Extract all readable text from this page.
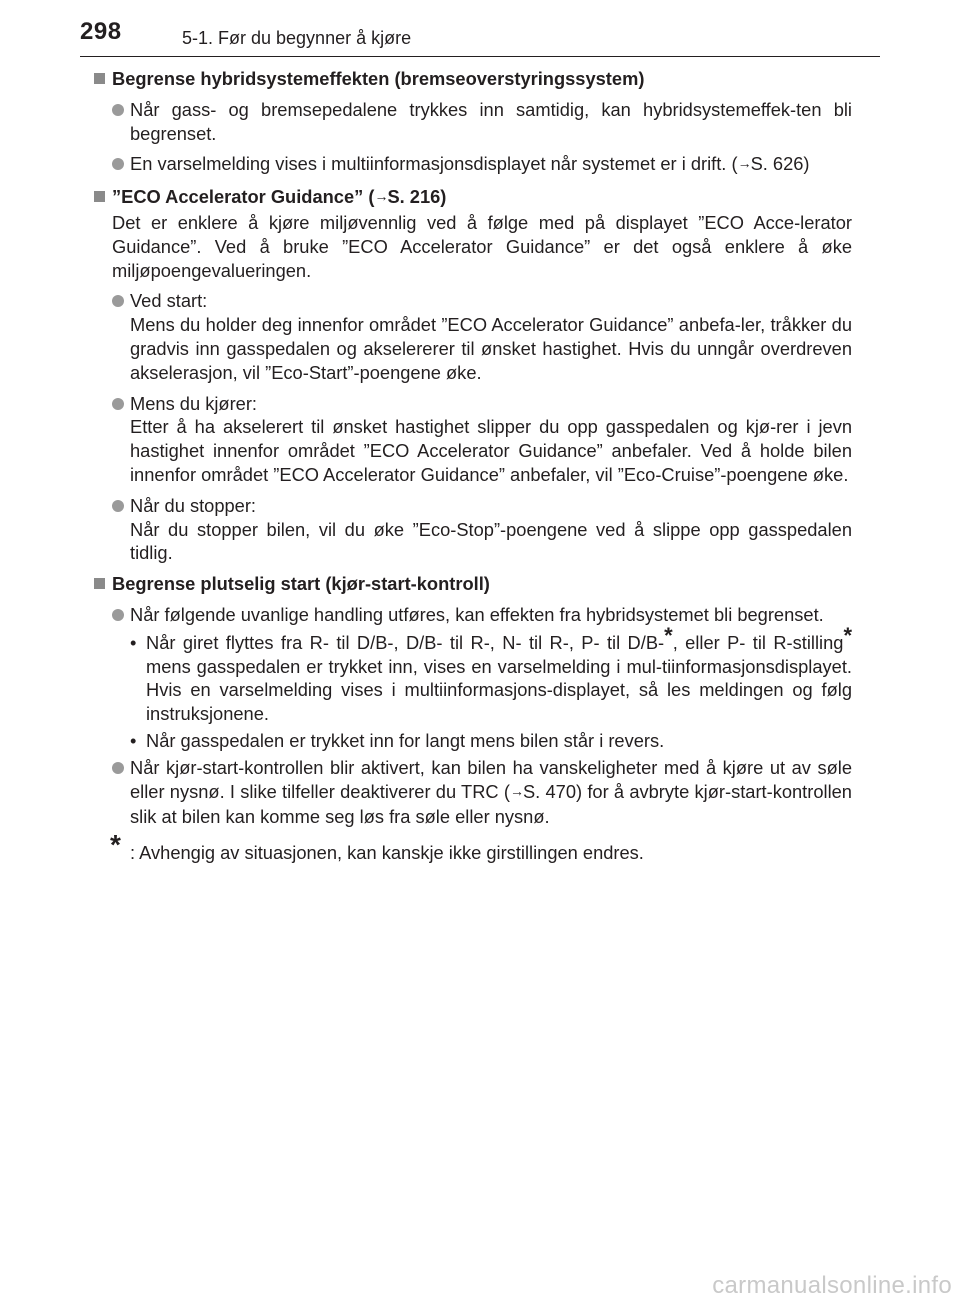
298	5-1. Før du begynner å kjøre
Begrense hybridsystemeffekten (bremseoverstyringssystem)
Når gass- og bremsepedalene trykkes inn samtidig, kan hybridsystemeffek-ten bli begrenset.
En varselmelding vises i multiinformasjonsdisplayet når systemet er i drift. (→S. 626)
”ECO Accelerator Guidance” (→S. 216)
Det er enklere å kjøre miljøvennlig ved å følge med på displayet ”ECO Acce-lerator Guidance”. Ved å bruke ”ECO Accelerator Guidance” er det også enklere å øke miljøpoengevalueringen.
Ved start:
Mens du holder deg innenfor området ”ECO Accelerator Guidance” anbefa-ler, tråkker du gradvis inn gasspedalen og akselererer til ønsket hastighet. Hvis du unngår overdreven akselerasjon, vil ”Eco-Start”-poengene øke.
Mens du kjører:
Etter å ha akselerert til ønsket hastighet slipper du opp gasspedalen og kjø-rer i jevn hastighet innenfor området ”ECO Accelerator Guidance” anbefaler. Ved å holde bilen innenfor området ”ECO Accelerator Guidance” anbefaler, vil ”Eco-Cruise”-poengene øke.
Når du stopper:
Når du stopper bilen, vil du øke ”Eco-Stop”-poengene ved å slippe opp gasspedalen tidlig.
Begrense plutselig start (kjør-start-kontroll)
Når følgende uvanlige handling utføres, kan effekten fra hybridsystemet bli begrenset.
• Når giret flyttes fra R- til D/B-, D/B- til R-, N- til R-, P- til D/B-*, eller P- til R-stilling* mens gasspedalen er trykket inn, vises en varselmelding i mul-tiinformasjonsdisplayet. Hvis en varselmelding vises i multiinformasjons-displayet, så les meldingen og følg instruksjonene.
• Når gasspedalen er trykket inn for langt mens bilen står i revers.
Når kjør-start-kontrollen blir aktivert, kan bilen ha vanskeligheter med å kjøre ut av søle eller nysnø. I slike tilfeller deaktiverer du TRC (→S. 470) for å avbryte kjør-start-kontrollen slik at bilen kan komme seg løs fra søle eller nysnø.
* : Avhengig av situasjonen, kan kanskje ikke girstillingen endres.
carmanualsonline.info
